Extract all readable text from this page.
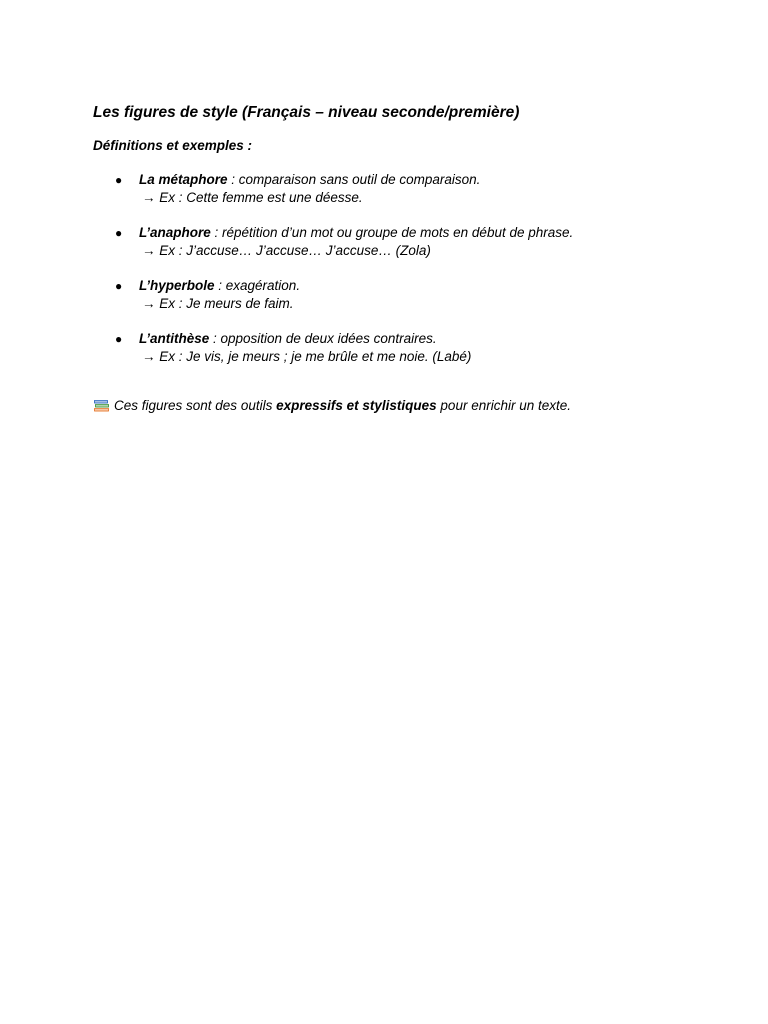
Les figures de style (Français – niveau seconde/première)

Définitions et exemples :

● La métaphore : comparaison sans outil de comparaison.
→ Ex : Cette femme est une déesse.
● L’anaphore : répétition d’un mot ou groupe de mots en début de phrase.
→ Ex : J’accuse… J’accuse… J’accuse… (Zola)
● L’hyperbole : exagération.
→ Ex : Je meurs de faim.
● L’antithèse : opposition de deux idées contraires.
→ Ex : Je vis, je meurs ; je me brûle et me noie. (Labé)

Ces figures sont des outils expressifs et stylistiques pour enrichir un texte.
